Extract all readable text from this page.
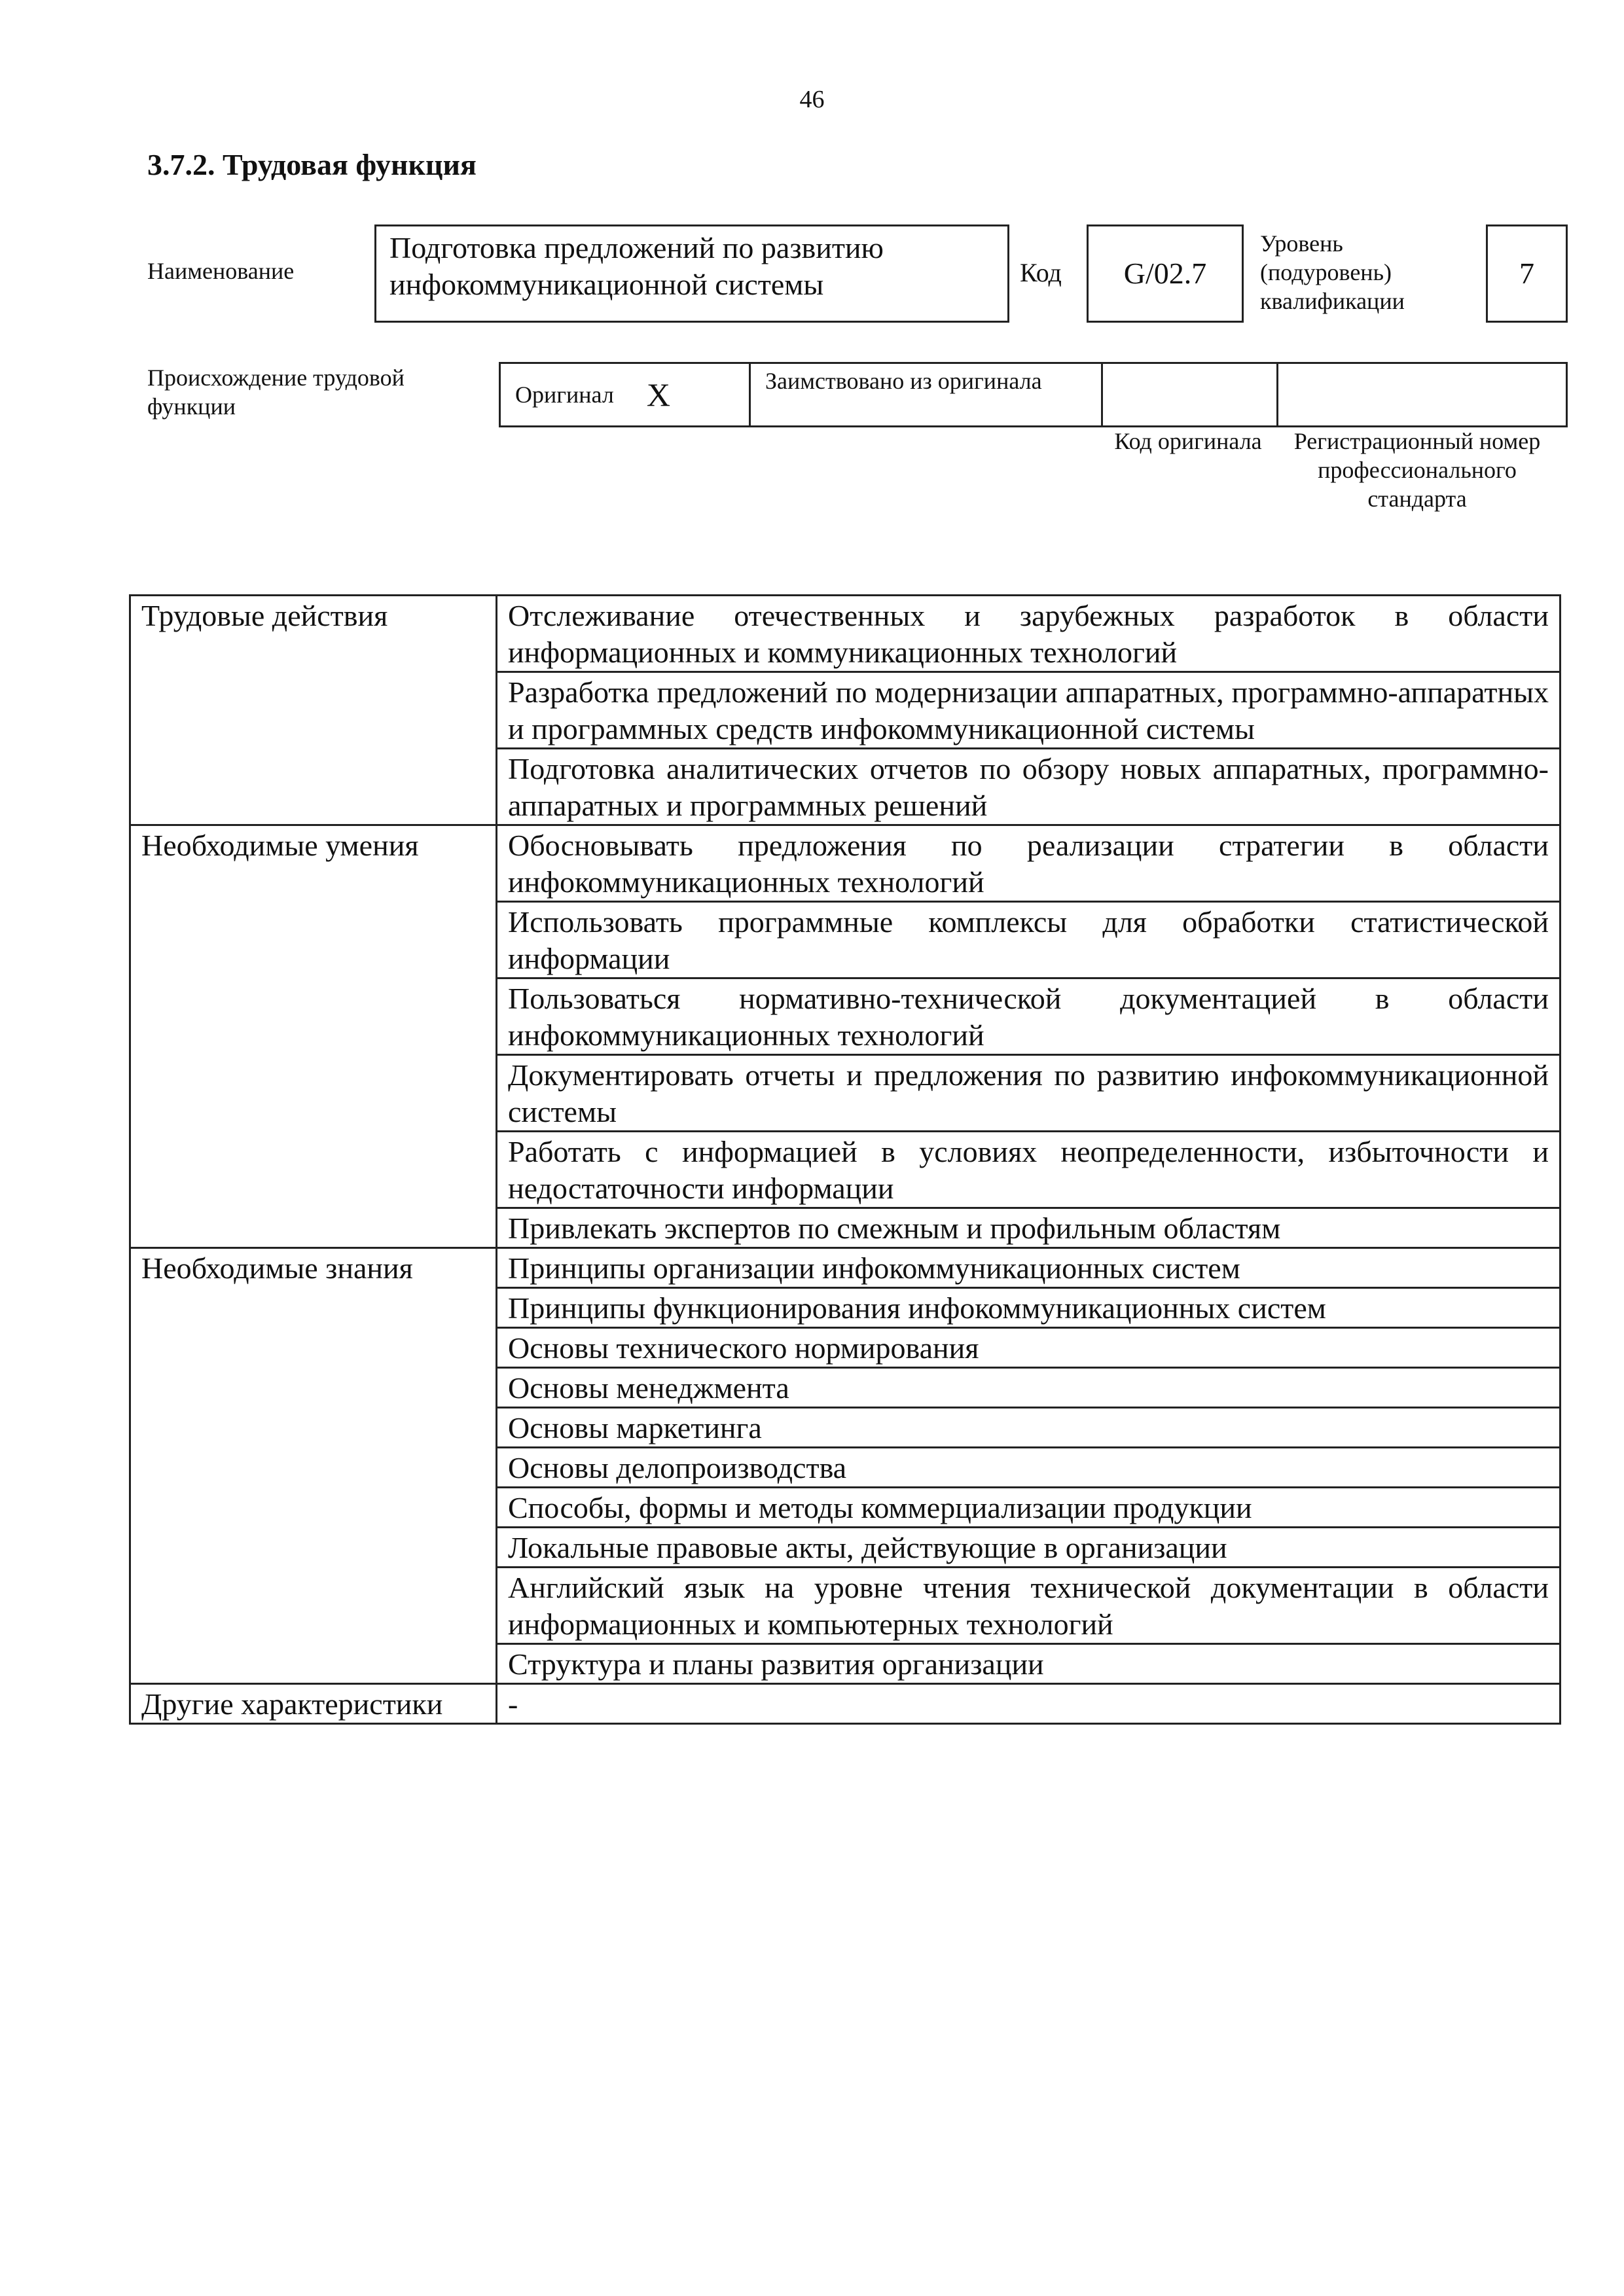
46
3.7.2. Трудовая функция
Наименование
Подготовка предложений по развитию инфокоммуникационной системы	Код G/02.7
Уровень (подуровень) квалификации
7
Происхождение трудовой функции	Оригинал X	Заимствовано из оригинала
Код оригинала	Регистрационный номер профессионального стандарта
Трудовые действия	Отслеживание отечественных и зарубежных разработок в области информационных и коммуникационных технологий
	Разработка предложений по модернизации аппаратных, программно-аппаратных и программных средств инфокоммуникационной системы
	Подготовка аналитических отчетов по обзору новых аппаратных, программно-аппаратных и программных решений
Необходимые умения	Обосновывать предложения по реализации стратегии в области инфокоммуникационных технологий
	Использовать программные комплексы для обработки статистической информации
	Пользоваться нормативно-технической документацией в области инфокоммуникационных технологий
	Документировать отчеты и предложения по развитию инфокоммуникационной системы
	Работать с информацией в условиях неопределенности, избыточности и недостаточности информации
	Привлекать экспертов по смежным и профильным областям
Необходимые знания	Принципы организации инфокоммуникационных систем
	Принципы функционирования инфокоммуникационных систем
	Основы технического нормирования
	Основы менеджмента
	Основы маркетинга
	Основы делопроизводства
	Способы, формы и методы коммерциализации продукции
	Локальные правовые акты, действующие в организации
	Английский язык на уровне чтения технической документации в области информационных и компьютерных технологий
	Структура и планы развития организации
Другие характеристики	-
